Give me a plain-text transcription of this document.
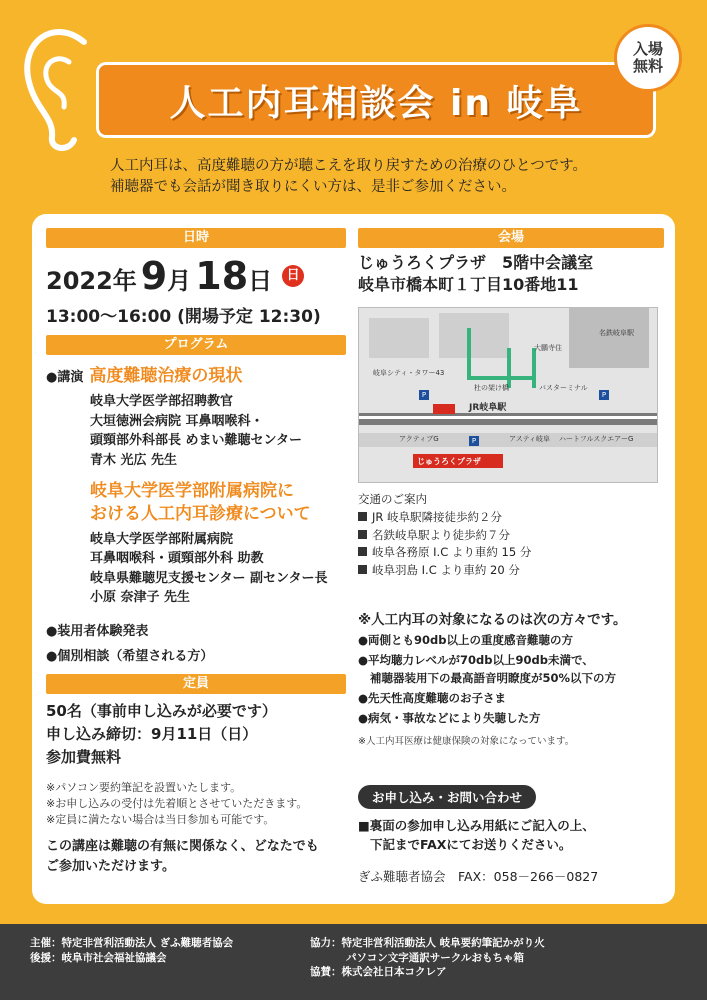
人工内耳相談会 in 岐阜
入場
無料
人工内耳は、高度難聴の方が聴こえを取り戻すための治療のひとつです。
補聴器でも会話が聞き取りにくい方は、是非ご参加ください。
日時
2022 年 9 月 18 日	日
13:00～16:00 (開場予定 12:30)
プログラム
●講演 高度難聴治療の現状
岐阜大学医学部招聘教官
大垣徳洲会病院 耳鼻咽喉科・
頭頸部外科部長 めまい難聴センター
青木 光広 先生
岐阜大学医学部附属病院に
おける人工内耳診療について
岐阜大学医学部附属病院
耳鼻咽喉科・頭頸部外科 助教
岐阜県難聴児支援センター 副センター長
小原 奈津子 先生
●装用者体験発表
●個別相談（希望される方）
定員
50名（事前申し込みが必要です）
申し込み締切：9月11日（日）
参加費無料
※パソコン要約筆記を設置いたします。
※お申し込みの受付は先着順とさせていただきます。
※定員に満たない場合は当日参加も可能です。
この講座は難聴の有無に関係なく、どなたでも
ご参加いただけます。
会場
じゅうろくプラザ　5階中会議室
岐阜市橋本町１丁目10番地11
JR岐阜駅
じゅうろくプラザ
名鉄岐阜駅
バスターミナル
アクティブG	アスティ岐阜 ハートフルスクエアーG
岐阜シティ・タワー43
杜の架け橋
大鵬寺住
P	P
P
交通のご案内
JR 岐阜駅隣接徒歩約２分
名鉄岐阜駅より徒歩約７分
岐阜各務原 I.C より車約 15 分
岐阜羽島 I.C より車約 20 分
※人工内耳の対象になるのは次の方々です。
●両側とも90db以上の重度感音難聴の方
●平均聴力レベルが70db以上90db未満で、
補聴器装用下の最高語音明瞭度が50%以下の方
●先天性高度難聴のお子さま
●病気・事故などにより失聴した方
※人工内耳医療は健康保険の対象になっています。
お申し込み・お問い合わせ
■裏面の参加申し込み用紙にご記入の上、
下記までFAXにてお送りください。
ぎふ難聴者協会　FAX：058－266－0827
主催：特定非営利活動法人 ぎふ難聴者協会
後援：岐阜市社会福祉協議会
協力：特定非営利活動法人 岐阜要約筆記かがり火
パソコン文字通訳サークルおもちゃ箱
協賛：株式会社日本コクレア
